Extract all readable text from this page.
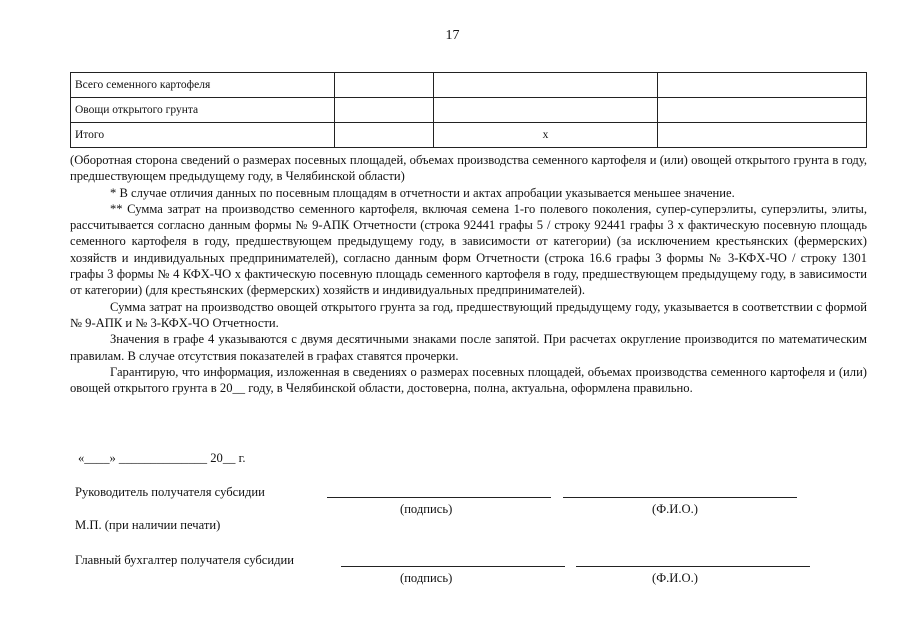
17
Всего семенного картофеля			
Овощи открытого грунта			
Итого		х	

(Оборотная сторона сведений о размерах посевных площадей, объемах производства семенного картофеля и (или) овощей открытого грунта в году, предшествующем предыдущему году, в Челябинской области)

* В случае отличия данных по посевным площадям в отчетности и актах апробации указывается меньшее значение.

** Сумма затрат на производство семенного картофеля, включая семена 1-го полевого поколения, супер-суперэлиты, суперэлиты, элиты, рассчитывается согласно данным формы № 9-АПК Отчетности (строка 92441 графы 5 / строку 92441 графы 3 х фактическую посевную площадь семенного картофеля в году, предшествующем предыдущему году, в зависимости от категории) (за исключением крестьянских (фермерских) хозяйств и индивидуальных предпринимателей), согласно данным форм Отчетности (строка 16.6 графы 3 формы № 3-КФХ-ЧО / строку 1301 графы 3 формы № 4 КФХ-ЧО х фактическую посевную площадь семенного картофеля в году, предшествующем предыдущему году, в зависимости от категории) (для крестьянских (фермерских) хозяйств и индивидуальных предпринимателей).

Сумма затрат на производство овощей открытого грунта за год, предшествующий предыдущему году, указывается в соответствии с формой № 9-АПК и № 3-КФХ-ЧО Отчетности.

Значения в графе 4 указываются с двумя десятичными знаками после запятой. При расчетах округление производится по математическим правилам. В случае отсутствия показателей в графах ставятся прочерки.

Гарантирую, что информация, изложенная в сведениях о размерах посевных площадей, объемах производства семенного картофеля и (или) овощей открытого грунта в 20__ году, в Челябинской области, достоверна, полна, актуальна, оформлена правильно.

«____» ______________ 20__ г.
Руководитель получателя субсидии
(подпись)	(Ф.И.О.)
М.П. (при наличии печати)
Главный бухгалтер получателя субсидии
(подпись)	(Ф.И.О.)
